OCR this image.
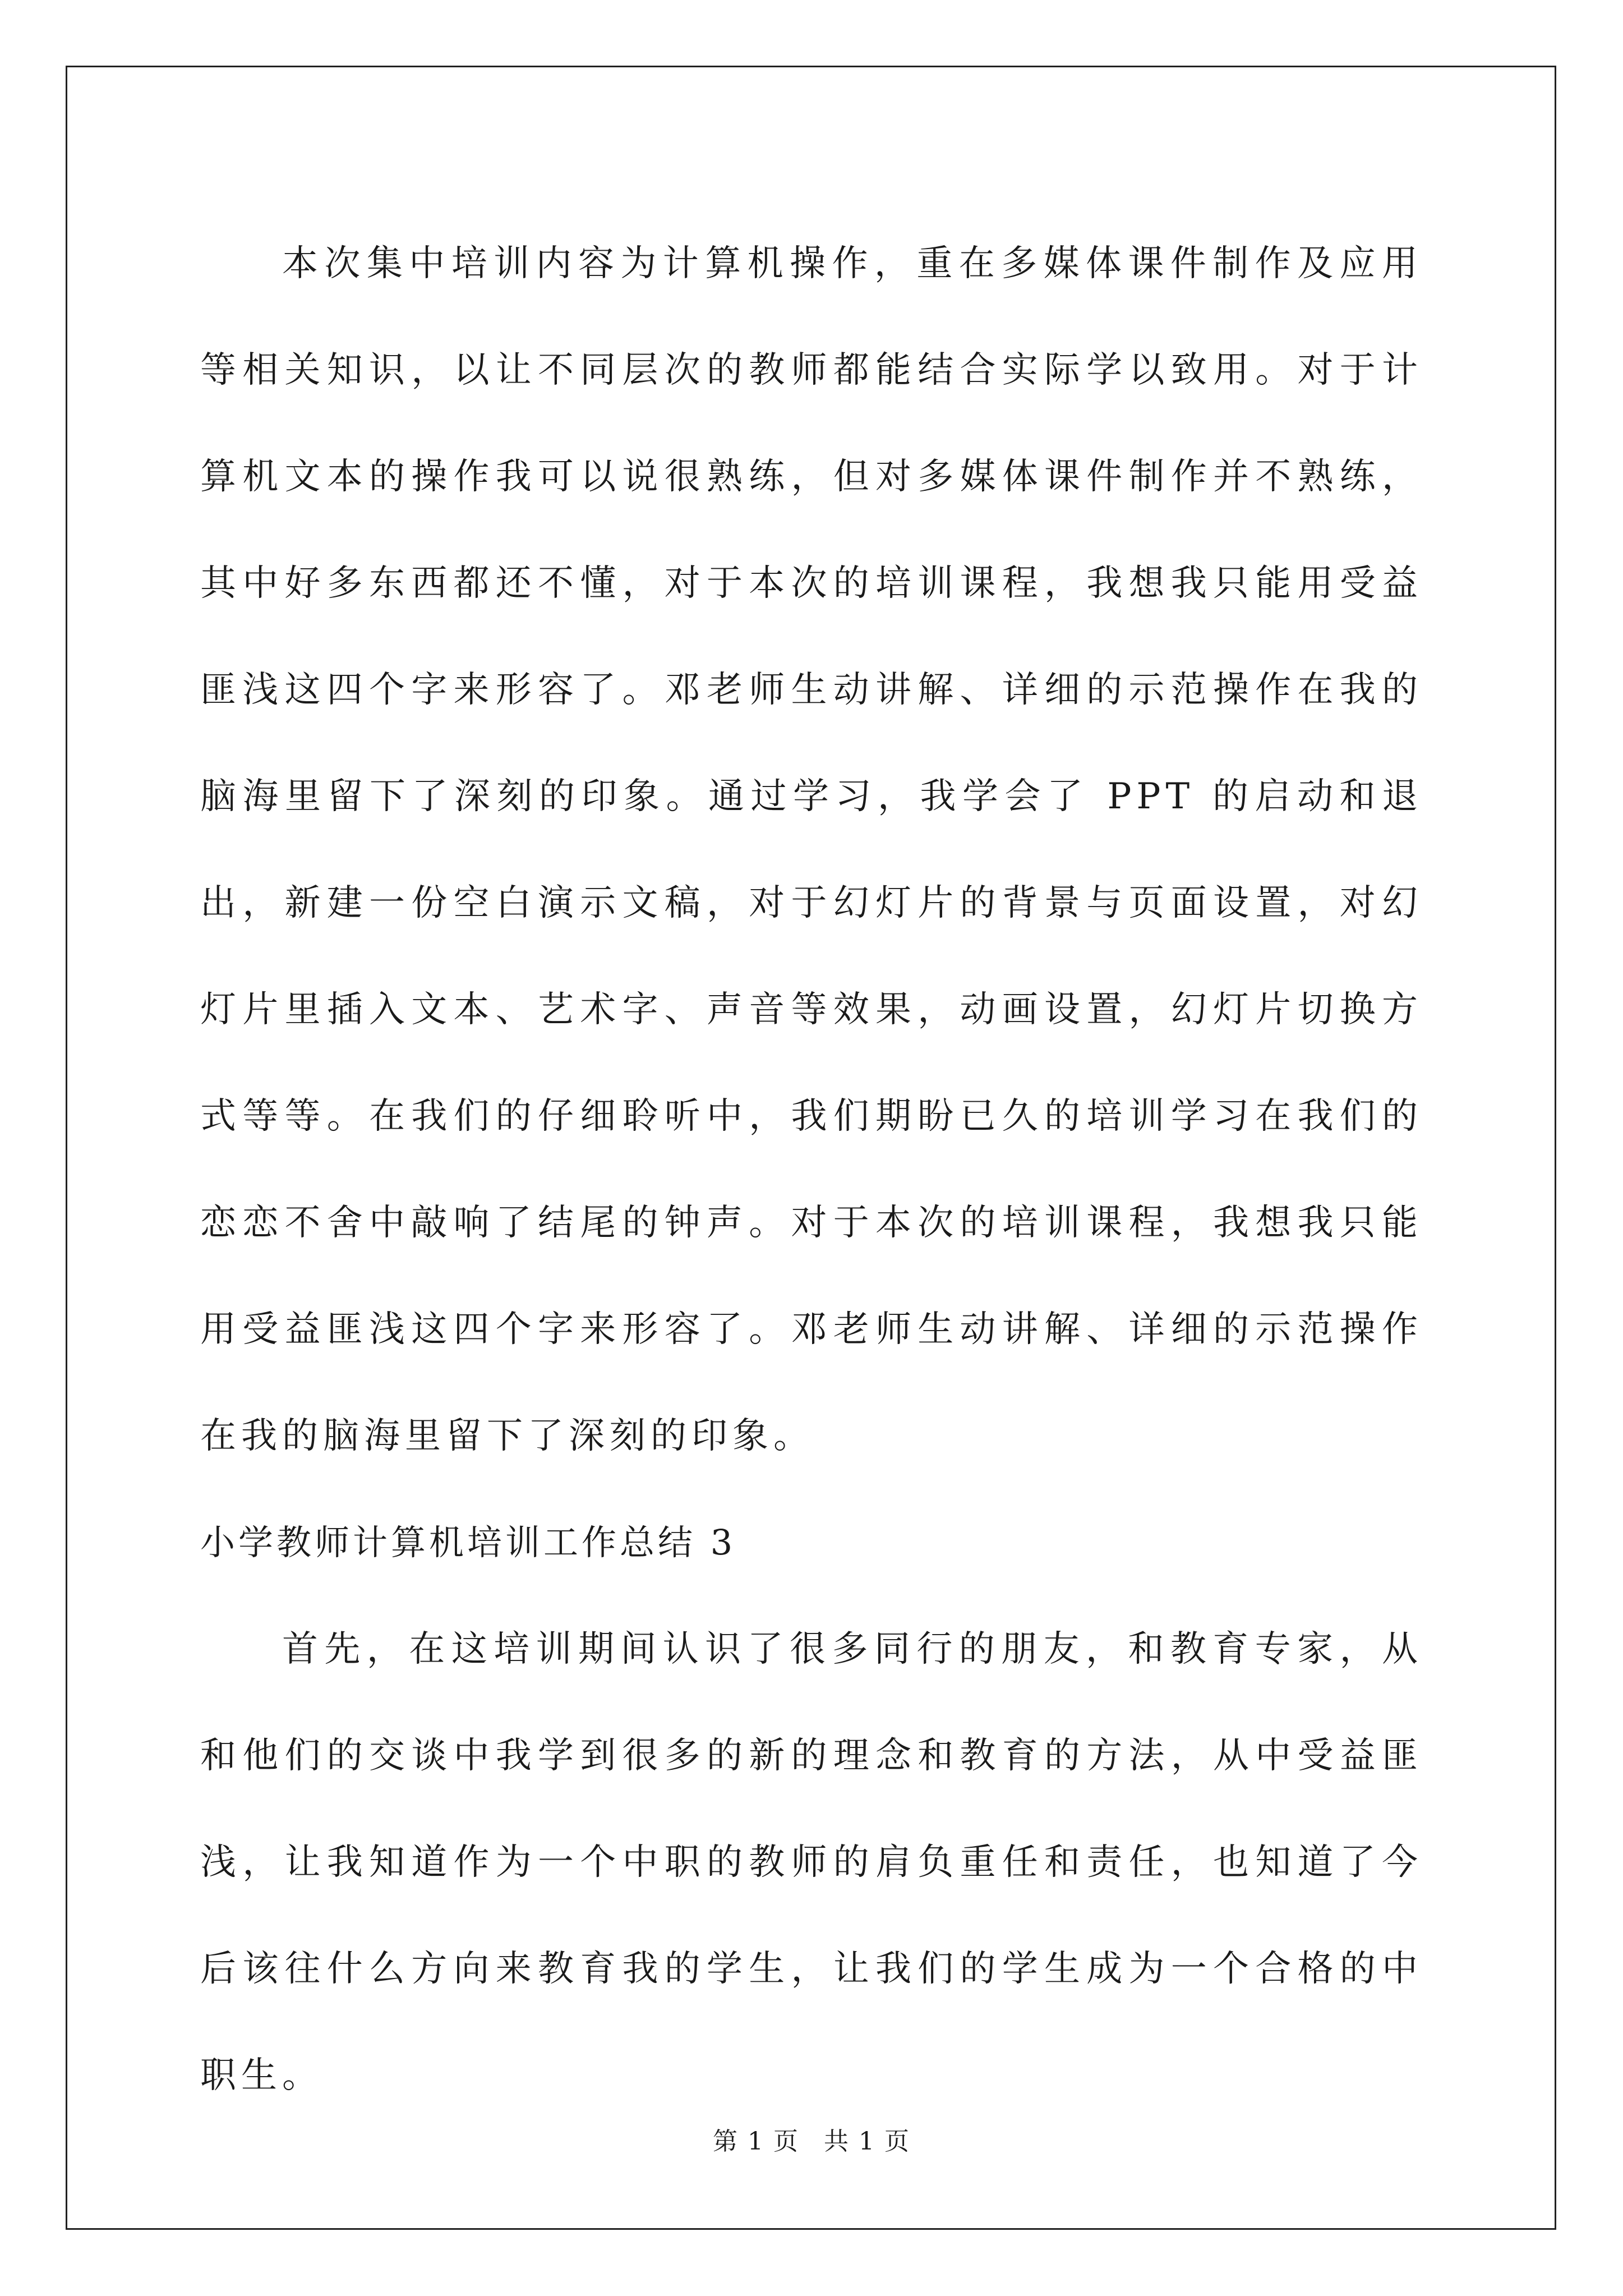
本次集中培训内容为计算机操作，重在多媒体课件制作及应用等相关知识，以让不同层次的教师都能结合实际学以致用。对于计算机文本的操作我可以说很熟练，但对多媒体课件制作并不熟练，其中好多东西都还不懂，对于本次的培训课程，我想我只能用受益匪浅这四个字来形容了。邓老师生动讲解、详细的示范操作在我的脑海里留下了深刻的印象。通过学习，我学会了 PPT 的启动和退出，新建一份空白演示文稿，对于幻灯片的背景与页面设置，对幻灯片里插入文本、艺术字、声音等效果，动画设置，幻灯片切换方式等等。在我们的仔细聆听中，我们期盼已久的培训学习在我们的恋恋不舍中敲响了结尾的钟声。对于本次的培训课程，我想我只能用受益匪浅这四个字来形容了。邓老师生动讲解、详细的示范操作在我的脑海里留下了深刻的印象。

小学教师计算机培训工作总结 3

首先，在这培训期间认识了很多同行的朋友，和教育专家，从和他们的交谈中我学到很多的新的理念和教育的方法，从中受益匪浅，让我知道作为一个中职的教师的肩负重任和责任，也知道了今后该往什么方向来教育我的学生，让我们的学生成为一个合格的中职生。

第 1 页 共 1 页
